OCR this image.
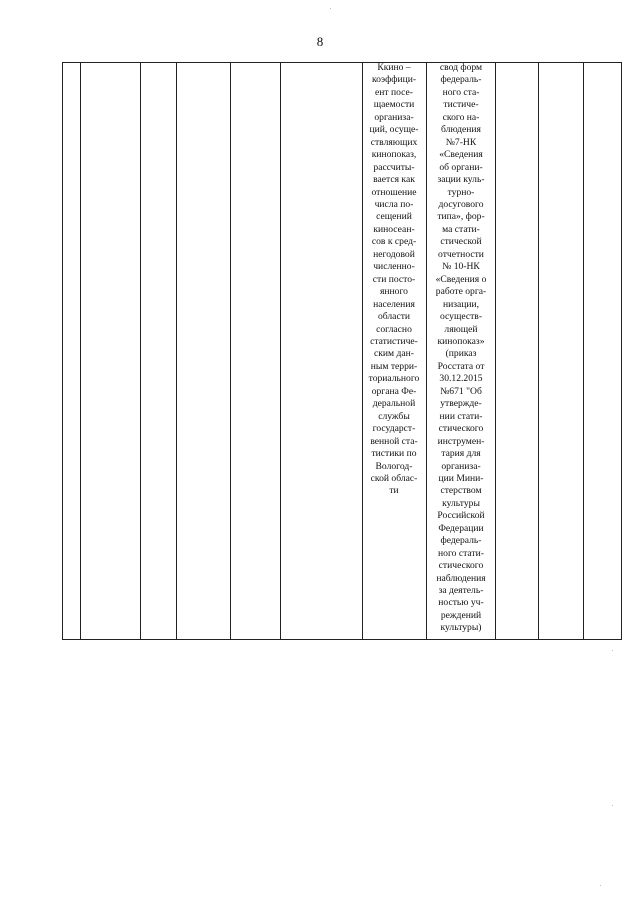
8
Ккино –
коэффици-
ент посе-
щаемости
организа-
ций, осуще-
ствляющих
кинопоказ,
рассчиты-
вается как
отношение
числа по-
сещений
киносеан-
сов к сред-
негодовой
численно-
сти посто-
янного
населения
области
согласно
статистиче-
ским дан-
ным терри-
ториального
органа Фе-
деральной
службы
государст-
венной ста-
тистики по
Вологод-
ской облас-
ти
свод форм
федераль-
ного ста-
тистиче-
ского на-
блюдения
№7-НК
«Сведения
об органи-
зации куль-
турно-
досугового
типа», фор-
ма стати-
стической
отчетности
№ 10-НК
«Сведения о
работе орга-
низации,
осуществ-
ляющей
кинопоказ»
(приказ
Росстата от
30.12.2015
№671 "Об
утвержде-
нии стати-
стического
инструмен-
тария для
организа-
ции Мини-
стерством
культуры
Российской
Федерации
федераль-
ного стати-
стического
наблюдения
за деятель-
ностью уч-
реждений
культуры)
